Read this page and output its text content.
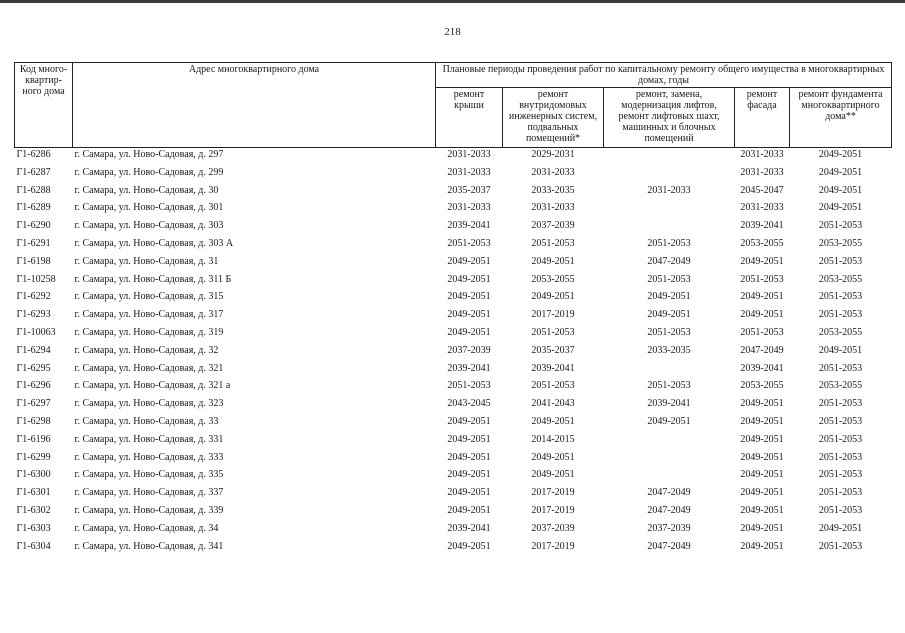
218
Код много-квартир-ного дома	Адрес многоквартирного дома	Плановые периоды проведения работ по капитальному ремонту общего имущества в многоквартирных домах, годы				
		ремонт крыши	ремонт внутридомовых инженерных систем, подвальных помещений*	ремонт, замена, модернизация лифтов, ремонт лифтовых шахт, машинных и блочных помещений	ремонт фасада	ремонт фундамента многоквартирного дома**
Г1-6286	г. Самара, ул. Ново-Садовая, д. 297	2031-2033	2029-2031		2031-2033	2049-2051
Г1-6287	г. Самара, ул. Ново-Садовая, д. 299	2031-2033	2031-2033		2031-2033	2049-2051
Г1-6288	г. Самара, ул. Ново-Садовая, д. 30	2035-2037	2033-2035	2031-2033	2045-2047	2049-2051
Г1-6289	г. Самара, ул. Ново-Садовая, д. 301	2031-2033	2031-2033		2031-2033	2049-2051
Г1-6290	г. Самара, ул. Ново-Садовая, д. 303	2039-2041	2037-2039		2039-2041	2051-2053
Г1-6291	г. Самара, ул. Ново-Садовая, д. 303 А	2051-2053	2051-2053	2051-2053	2053-2055	2053-2055
Г1-6198	г. Самара, ул. Ново-Садовая, д. 31	2049-2051	2049-2051	2047-2049	2049-2051	2051-2053
Г1-10258	г. Самара, ул. Ново-Садовая, д. 311 Б	2049-2051	2053-2055	2051-2053	2051-2053	2053-2055
Г1-6292	г. Самара, ул. Ново-Садовая, д. 315	2049-2051	2049-2051	2049-2051	2049-2051	2051-2053
Г1-6293	г. Самара, ул. Ново-Садовая, д. 317	2049-2051	2017-2019	2049-2051	2049-2051	2051-2053
Г1-10063	г. Самара, ул. Ново-Садовая, д. 319	2049-2051	2051-2053	2051-2053	2051-2053	2053-2055
Г1-6294	г. Самара, ул. Ново-Садовая, д. 32	2037-2039	2035-2037	2033-2035	2047-2049	2049-2051
Г1-6295	г. Самара, ул. Ново-Садовая, д. 321	2039-2041	2039-2041		2039-2041	2051-2053
Г1-6296	г. Самара, ул. Ново-Садовая, д. 321 а	2051-2053	2051-2053	2051-2053	2053-2055	2053-2055
Г1-6297	г. Самара, ул. Ново-Садовая, д. 323	2043-2045	2041-2043	2039-2041	2049-2051	2051-2053
Г1-6298	г. Самара, ул. Ново-Садовая, д. 33	2049-2051	2049-2051	2049-2051	2049-2051	2051-2053
Г1-6196	г. Самара, ул. Ново-Садовая, д. 331	2049-2051	2014-2015		2049-2051	2051-2053
Г1-6299	г. Самара, ул. Ново-Садовая, д. 333	2049-2051	2049-2051		2049-2051	2051-2053
Г1-6300	г. Самара, ул. Ново-Садовая, д. 335	2049-2051	2049-2051		2049-2051	2051-2053
Г1-6301	г. Самара, ул. Ново-Садовая, д. 337	2049-2051	2017-2019	2047-2049	2049-2051	2051-2053
Г1-6302	г. Самара, ул. Ново-Садовая, д. 339	2049-2051	2017-2019	2047-2049	2049-2051	2051-2053
Г1-6303	г. Самара, ул. Ново-Садовая, д. 34	2039-2041	2037-2039	2037-2039	2049-2051	2049-2051
Г1-6304	г. Самара, ул. Ново-Садовая, д. 341	2049-2051	2017-2019	2047-2049	2049-2051	2051-2053
